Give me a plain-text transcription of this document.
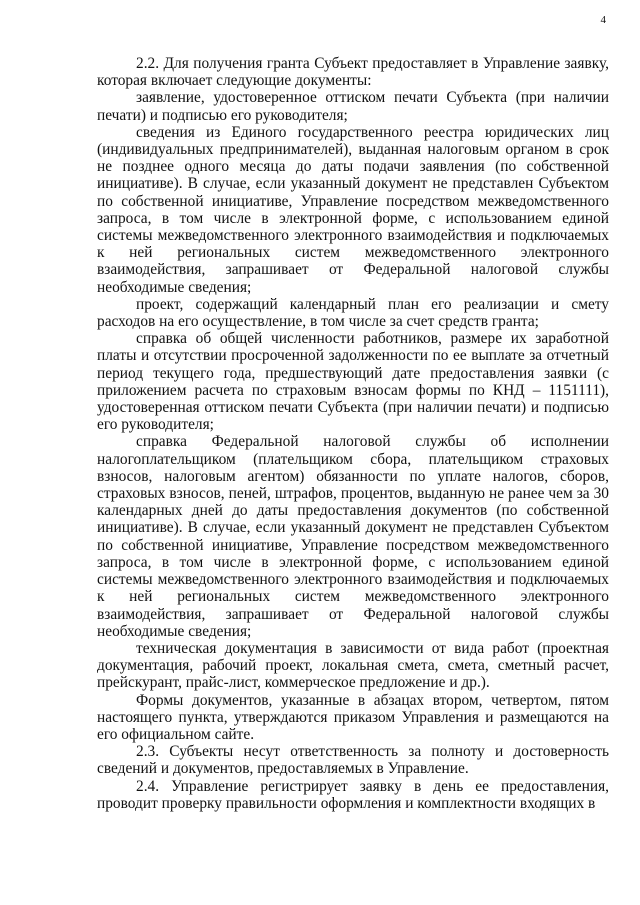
4

2.2. Для получения гранта Субъект предоставляет в Управление заявку, которая включает следующие документы:

заявление, удостоверенное оттиском печати Субъекта (при наличии печати) и подписью его руководителя;

сведения из Единого государственного реестра юридических лиц (индивидуальных предпринимателей), выданная налоговым органом в срок не позднее одного месяца до даты подачи заявления (по собственной инициативе). В случае, если указанный документ не представлен Субъектом по собственной инициативе, Управление посредством межведомственного запроса, в том числе в электронной форме, с использованием единой системы межведомственного электронного взаимодействия и подключаемых к ней региональных систем межведомственного электронного взаимодействия, запрашивает от Федеральной налоговой службы необходимые сведения;

проект, содержащий календарный план его реализации и смету расходов на его осуществление, в том числе за счет средств гранта;

справка об общей численности работников, размере их заработной платы и отсутствии просроченной задолженности по ее выплате за отчетный период текущего года, предшествующий дате предоставления заявки (с приложением расчета по страховым взносам формы по КНД – 1151111), удостоверенная оттиском печати Субъекта (при наличии печати) и подписью его руководителя;

справка Федеральной налоговой службы об исполнении налогоплательщиком (плательщиком сбора, плательщиком страховых взносов, налоговым агентом) обязанности по уплате налогов, сборов, страховых взносов, пеней, штрафов, процентов, выданную не ранее чем за 30 календарных дней до даты предоставления документов (по собственной инициативе). В случае, если указанный документ не представлен Субъектом по собственной инициативе, Управление посредством межведомственного запроса, в том числе в электронной форме, с использованием единой системы межведомственного электронного взаимодействия и подключаемых к ней региональных систем межведомственного электронного взаимодействия, запрашивает от Федеральной налоговой службы необходимые сведения;

техническая документация в зависимости от вида работ (проектная документация, рабочий проект, локальная смета, смета, сметный расчет, прейскурант, прайс-лист, коммерческое предложение и др.).

Формы документов, указанные в абзацах втором, четвертом, пятом настоящего пункта, утверждаются приказом Управления и размещаются на его официальном сайте.

2.3. Субъекты несут ответственность за полноту и достоверность сведений и документов, предоставляемых в Управление.

2.4. Управление регистрирует заявку в день ее предоставления, проводит проверку правильности оформления и комплектности входящих в
